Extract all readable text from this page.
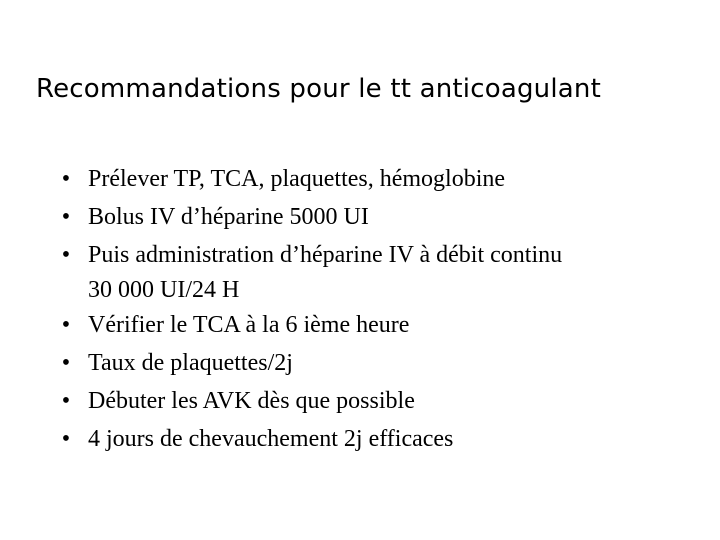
Recommandations pour le tt anticoagulant
• Prélever TP, TCA, plaquettes, hémoglobine
• Bolus IV d’héparine 5000 UI
• Puis administration d’héparine IV à débit continu
30 000 UI/24 H
• Vérifier le TCA à la 6 ième heure
• Taux de plaquettes/2j
• Débuter les AVK dès que possible
• 4 jours de chevauchement 2j efficaces
